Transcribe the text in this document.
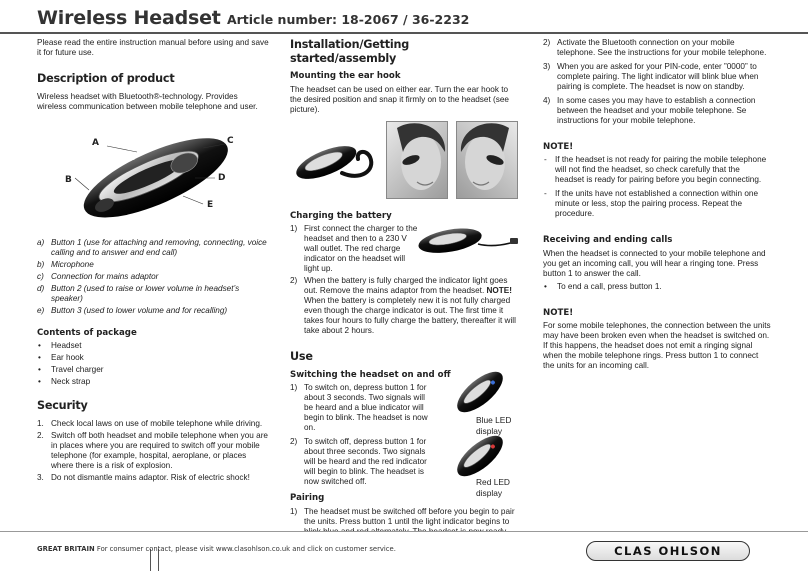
Wireless Headset Article number: 18-2067 / 36-2232

Please read the entire instruction manual before using and save it for future use.

Description of product

Wireless headset with Bluetooth®-technology. Provides wireless communication between mobile telephone and user.

A
B
C
D
E
DEMO
a) Button 1 (use for attaching and removing, connecting, voice calling and to answer and end call)
b) Microphone
c) Connection for mains adaptor
d) Button 2 (used to raise or lower volume in headset’s speaker)
e) Button 3 (used to lower volume and for recalling)
Contents of package
• Headset
• Ear hook
• Travel charger
• Neck strap
Security
1. Check local laws on use of mobile telephone while driving.
2. Switch off both headset and mobile telephone when you are in places where you are required to switch off your mobile telephone (for example, hospital, aeroplane, or places where there is a risk of explosion.
3. Do not dismantle mains adaptor. Risk of electric shock!
Installation/Getting started/assembly
Mounting the ear hook

The headset can be used on either ear. Turn the ear hook to the desired position and snap it firmly on to the headset (see picture).

Charging the battery
1) First connect the charger to the headset and then to a 230 V wall outlet. The red charge indicator on the headset will light up.
2) When the battery is fully charged the indicator light goes out. Remove the mains adaptor from the headset. NOTE! When the battery is completely new it is not fully charged even though the charge indicator is out. The first time it takes four hours to fully charge the battery, thereafter it will take about 2 hours.
Use
Switching the headset on and off
1) To switch on, depress button 1 for about 3 seconds. Two signals will be heard and a blue indicator will begin to blink. The headset is now on.
2) To switch off, depress button 1 for about three seconds. Two signals will be heard and the red indicator will begin to blink. The headset is now switched off.
Blue LED display
Red LED display
Pairing
1) The headset must be switched off before you begin to pair the units. Press button 1 until the light indicator begins to
2) Activate the Bluetooth connection on your mobile telephone. See the instructions for your mobile telephone.
3) When you are asked for your PIN-code, enter ”0000” to complete pairing. The light indicator will blink blue when pairing is complete. The headset is now on standby.
4) In some cases you may have to establish a connection between the headset and your mobile telephone. Se instructions for your mobile telephone.
NOTE!
- If the headset is not ready for pairing the mobile telephone will not find the headset, so check carefully that the headset is ready for pairing before you begin connecting.
- If the units have not established a connection within one minute or less, stop the pairing process. Repeat the procedure.
Receiving and ending calls

When the headset is connected to your mobile telephone and you get an incoming call, you will hear a ringing tone. Press button 1 to answer the call.

• To end a call, press button 1.
NOTE!

For some mobile telephones, the connection between the units may have been broken even when the headset is switched on. If this happens, the headset does not emit a ringing signal when the mobile telephone rings. Press button 1 to connect the units for an incoming call.

GREAT BRITAIN For consumer contact, please visit www.clasohlson.co.uk and click on customer service.	CLAS OHLSON
